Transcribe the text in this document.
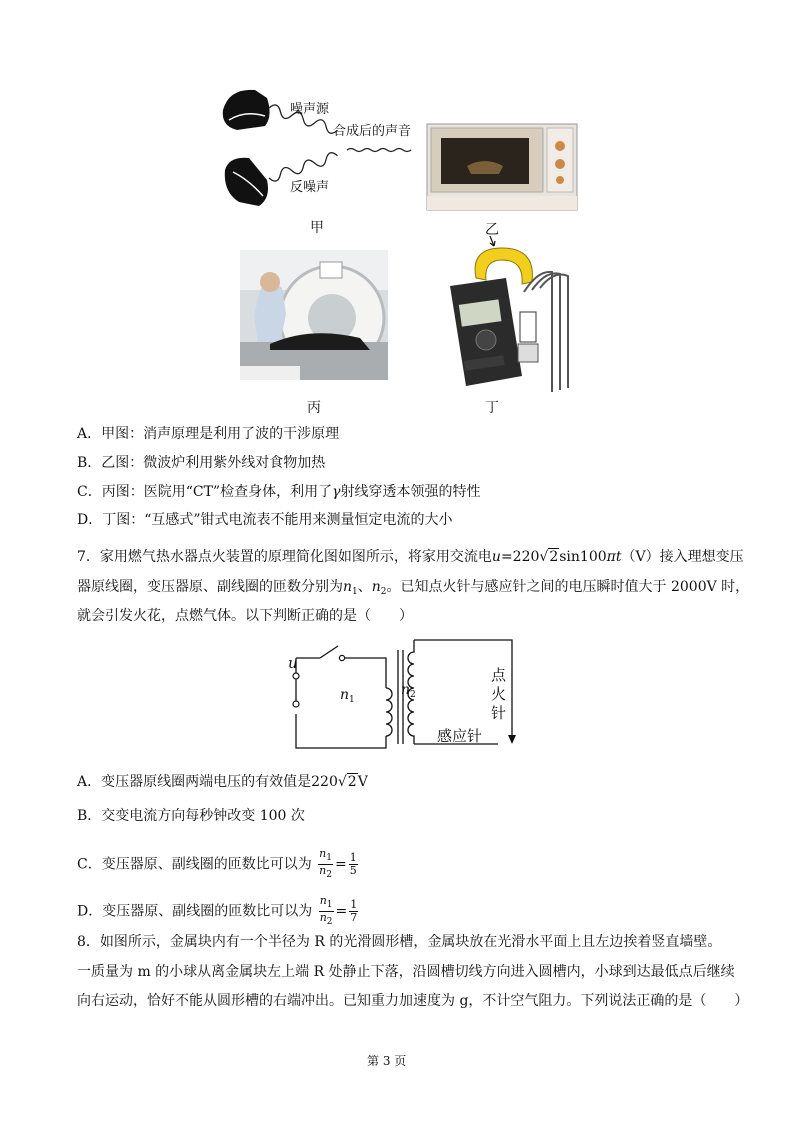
噪声源
合成后的声音
反噪声
甲
丙
乙
丁
A．甲图：消声原理是利用了波的干涉原理
B．乙图：微波炉利用紫外线对食物加热
C．丙图：医院用“CT”检查身体，利用了γ射线穿透本领强的特性
D．丁图：“互感式”钳式电流表不能用来测量恒定电流的大小
7．家用燃气热水器点火装置的原理简化图如图所示，将家用交流电u=220√2sin100πt（V）接入理想变压
器原线圈，变压器原、副线圈的匝数分别为$n_1$、$n_2$。已知点火针与感应针之间的电压瞬时值大于 2000V 时，
就会引发火花，点燃气体。以下判断正确的是（　　）
u
$n_1$
$n_2$
点
火
针
感应针
A．变压器原线圈两端电压的有效值是220√2V
B．交变电流方向每秒钟改变 100 次
C．变压器原、副线圈的匝数比可以为 $\frac{n_1}{n_2} = \frac{1}{5}$
D．变压器原、副线圈的匝数比可以为 $\frac{n_1}{n_2} = \frac{1}{7}$
8．如图所示，金属块内有一个半径为 R 的光滑圆形槽，金属块放在光滑水平面上且左边挨着竖直墙壁。
一质量为 m 的小球从离金属块左上端 R 处静止下落，沿圆槽切线方向进入圆槽内，小球到达最低点后继续
向右运动，恰好不能从圆形槽的右端冲出。已知重力加速度为 g，不计空气阻力。下列说法正确的是（　　）
第 3 页
